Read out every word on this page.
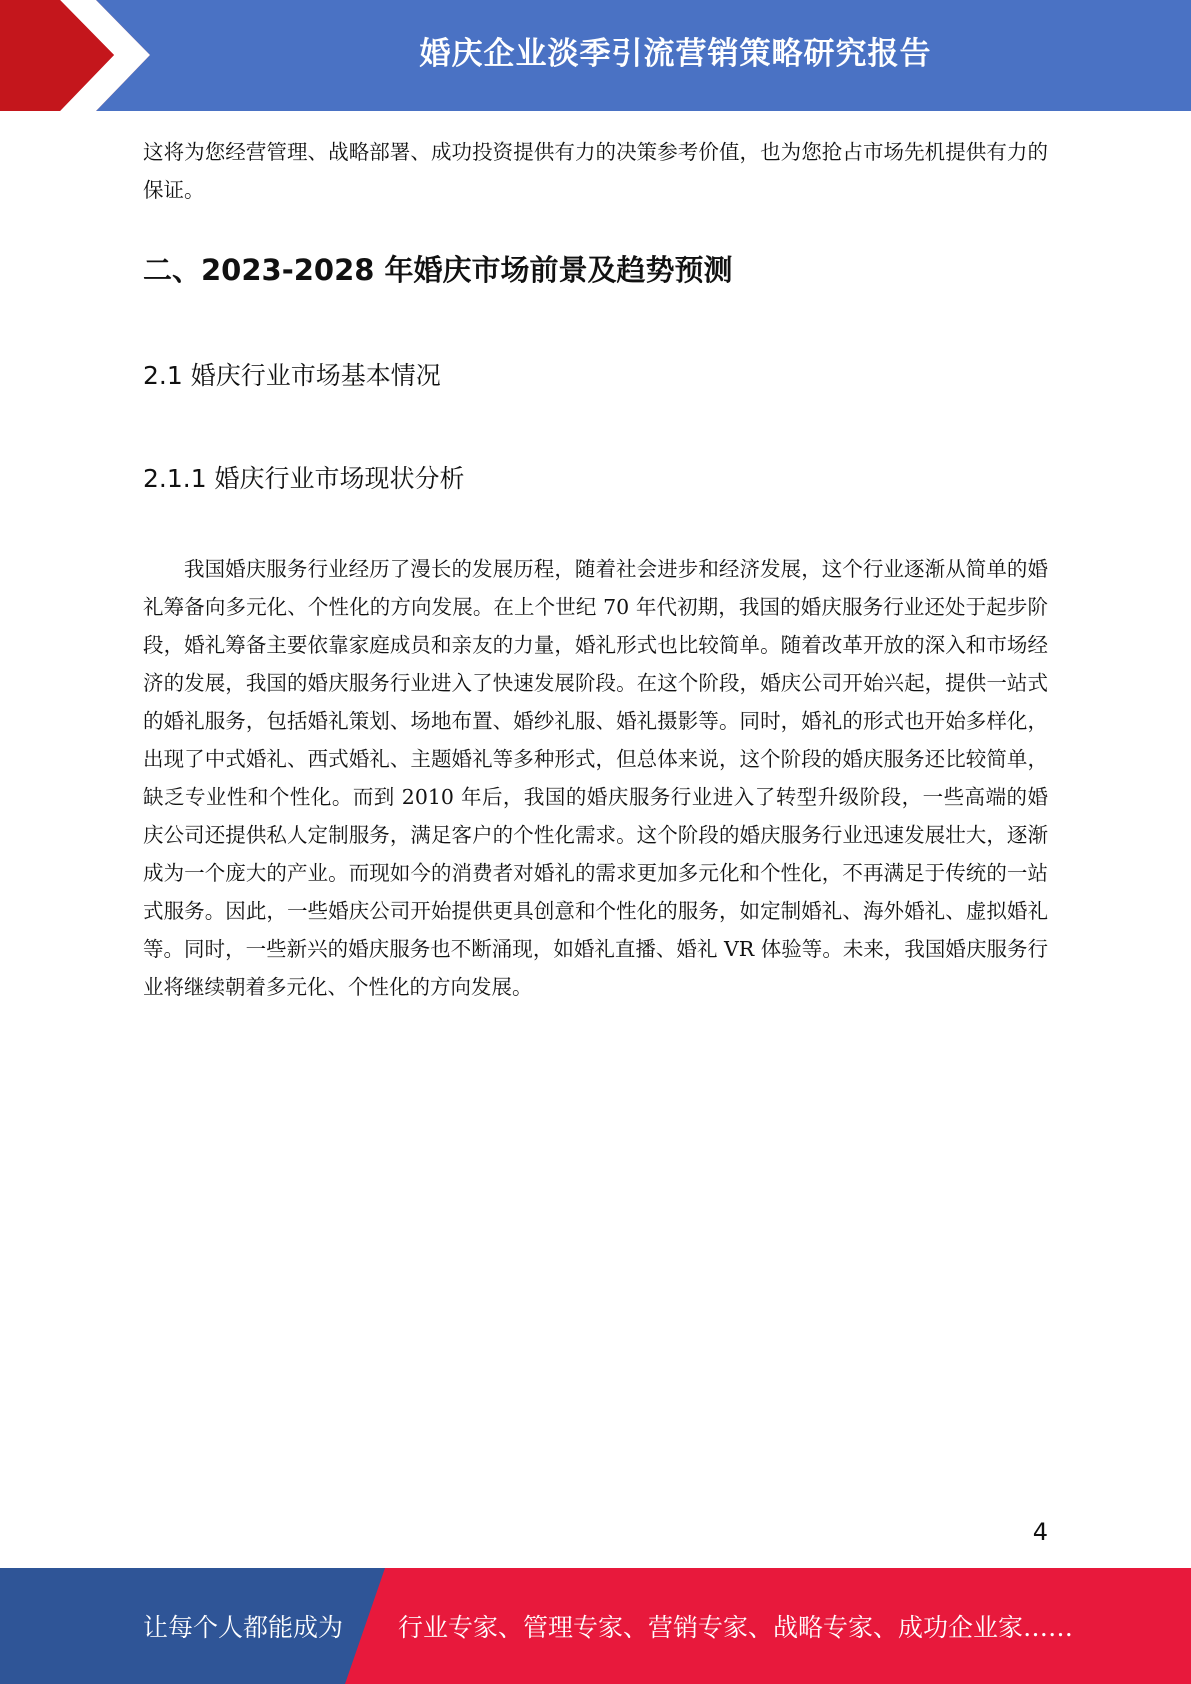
婚庆企业淡季引流营销策略研究报告

这将为您经营管理、战略部署、成功投资提供有力的决策参考价值，也为您抢占市场先机提供有力的保证。

二、2023-2028 年婚庆市场前景及趋势预测
2.1 婚庆行业市场基本情况
2.1.1 婚庆行业市场现状分析

我国婚庆服务行业经历了漫长的发展历程，随着社会进步和经济发展，这个行业逐渐从简单的婚礼筹备向多元化、个性化的方向发展。在上个世纪 70 年代初期，我国的婚庆服务行业还处于起步阶段，婚礼筹备主要依靠家庭成员和亲友的力量，婚礼形式也比较简单。随着改革开放的深入和市场经济的发展，我国的婚庆服务行业进入了快速发展阶段。在这个阶段，婚庆公司开始兴起，提供一站式的婚礼服务，包括婚礼策划、场地布置、婚纱礼服、婚礼摄影等。同时，婚礼的形式也开始多样化，出现了中式婚礼、西式婚礼、主题婚礼等多种形式，但总体来说，这个阶段的婚庆服务还比较简单，缺乏专业性和个性化。而到 2010 年后，我国的婚庆服务行业进入了转型升级阶段，一些高端的婚庆公司还提供私人定制服务，满足客户的个性化需求。这个阶段的婚庆服务行业迅速发展壮大，逐渐成为一个庞大的产业。而现如今的消费者对婚礼的需求更加多元化和个性化，不再满足于传统的一站式服务。因此，一些婚庆公司开始提供更具创意和个性化的服务，如定制婚礼、海外婚礼、虚拟婚礼等。同时，一些新兴的婚庆服务也不断涌现，如婚礼直播、婚礼 VR 体验等。未来，我国婚庆服务行业将继续朝着多元化、个性化的方向发展。

4
让每个人都能成为 行业专家、管理专家、营销专家、战略专家、成功企业家……
